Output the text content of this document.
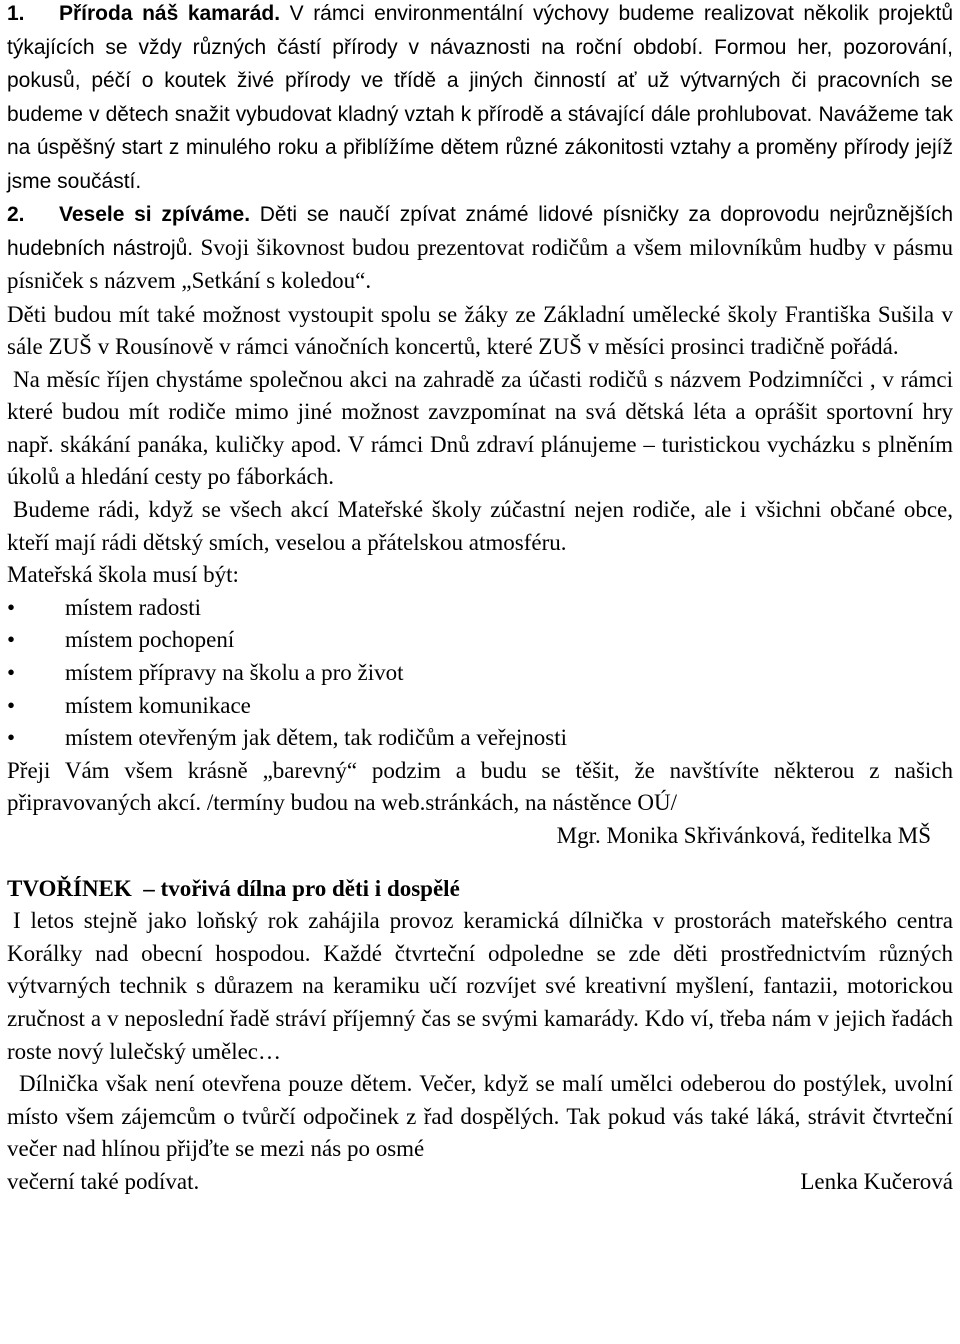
1. Příroda náš kamarád. V rámci environmentální výchovy budeme realizovat několik projektů týkajících se vždy různých částí přírody v návaznosti na roční období. Formou her, pozorování, pokusů, péčí o koutek živé přírody ve třídě a jiných činností ať už výtvarných či pracovních se budeme v dětech snažit vybudovat kladný vztah k přírodě a stávající dále prohlubovat. Navážeme tak na úspěšný start z minulého roku a přiblížíme dětem různé zákonitosti vztahy a proměny přírody jejíž jsme součástí.

2. Vesele si zpíváme. Děti se naučí zpívat známé lidové písničky za doprovodu nejrůznějších hudebních nástrojů. Svoji šikovnost budou prezentovat rodičům a všem milovníkům hudby v pásmu písniček s názvem „Setkání s koledou“.

Děti budou mít také možnost vystoupit spolu se žáky ze Základní umělecké školy Františka Sušila v sále ZUŠ v Rousínově v rámci vánočních koncertů, které ZUŠ v měsíci prosinci tradičně pořádá.

Na měsíc říjen chystáme společnou akci na zahradě za účasti rodičů s názvem Podzimníčci , v rámci které budou mít rodiče mimo jiné možnost zavzpomínat na svá dětská léta a oprášit sportovní hry např. skákání panáka, kuličky apod. V rámci Dnů zdraví plánujeme – turistickou vycházku s plněním úkolů a hledání cesty po fáborkách.

Budeme rádi, když se všech akcí Mateřské školy zúčastní nejen rodiče, ale i všichni občané obce, kteří mají rádi dětský smích, veselou a přátelskou atmosféru.

Mateřská škola musí být:

• místem radosti
• místem pochopení
• místem přípravy na školu a pro život
• místem komunikace
• místem otevřeným jak dětem, tak rodičům a veřejnosti

Přeji Vám všem krásně „barevný“ podzim a budu se těšit, že navštívíte některou z našich připravovaných akcí. /termíny budou na web.stránkách, na nástěnce OÚ/

Mgr. Monika Skřivánková, ředitelka MŠ

TVOŘÍNEK – tvořivá dílna pro děti i dospělé

I letos stejně jako loňský rok zahájila provoz keramická dílnička v prostorách mateřského centra Korálky nad obecní hospodou. Každé čtvrteční odpoledne se zde děti prostřednictvím různých výtvarných technik s důrazem na keramiku učí rozvíjet své kreativní myšlení, fantazii, motorickou zručnost a v neposlední řadě stráví příjemný čas se svými kamarády. Kdo ví, třeba nám v jejich řadách roste nový lulečský umělec…

Dílnička však není otevřena pouze dětem. Večer, když se malí umělci odeberou do postýlek, uvolní místo všem zájemcům o tvůrčí odpočinek z řad dospělých. Tak pokud vás také láká, strávit čtvrteční večer nad hlínou přijďte se mezi nás po osmé

večerní také podívat.	Lenka Kučerová
